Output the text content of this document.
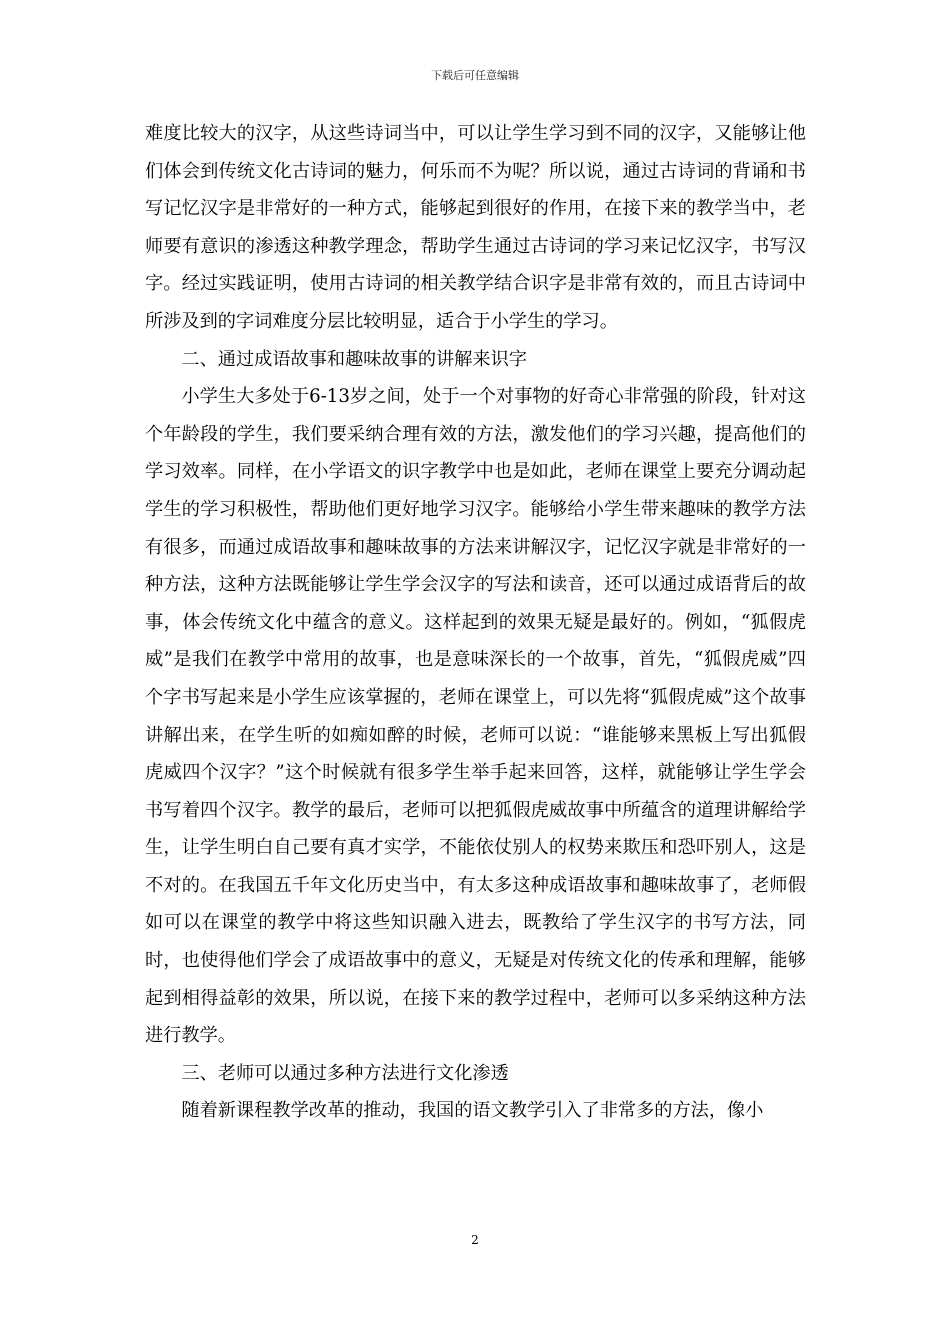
下载后可任意编辑

难度比较大的汉字，从这些诗词当中，可以让学生学习到不同的汉字，又能够让他们体会到传统文化古诗词的魅力，何乐而不为呢？所以说，通过古诗词的背诵和书写记忆汉字是非常好的一种方式，能够起到很好的作用，在接下来的教学当中，老师要有意识的渗透这种教学理念，帮助学生通过古诗词的学习来记忆汉字，书写汉字。经过实践证明，使用古诗词的相关教学结合识字是非常有效的，而且古诗词中所涉及到的字词难度分层比较明显，适合于小学生的学习。

二、通过成语故事和趣味故事的讲解来识字

小学生大多处于6-13岁之间，处于一个对事物的好奇心非常强的阶段，针对这个年龄段的学生，我们要采纳合理有效的方法，激发他们的学习兴趣，提高他们的学习效率。同样，在小学语文的识字教学中也是如此，老师在课堂上要充分调动起学生的学习积极性，帮助他们更好地学习汉字。能够给小学生带来趣味的教学方法有很多，而通过成语故事和趣味故事的方法来讲解汉字，记忆汉字就是非常好的一种方法，这种方法既能够让学生学会汉字的写法和读音，还可以通过成语背后的故事，体会传统文化中蕴含的意义。这样起到的效果无疑是最好的。例如，“狐假虎威”是我们在教学中常用的故事，也是意味深长的一个故事，首先，“狐假虎威”四个字书写起来是小学生应该掌握的，老师在课堂上，可以先将“狐假虎威”这个故事讲解出来，在学生听的如痴如醉的时候，老师可以说：“谁能够来黑板上写出狐假虎威四个汉字？”这个时候就有很多学生举手起来回答，这样，就能够让学生学会书写着四个汉字。教学的最后，老师可以把狐假虎威故事中所蕴含的道理讲解给学生，让学生明白自己要有真才实学，不能依仗别人的权势来欺压和恐吓别人，这是不对的。在我国五千年文化历史当中，有太多这种成语故事和趣味故事了，老师假如可以在课堂的教学中将这些知识融入进去，既教给了学生汉字的书写方法，同时，也使得他们学会了成语故事中的意义，无疑是对传统文化的传承和理解，能够起到相得益彰的效果，所以说，在接下来的教学过程中，老师可以多采纳这种方法进行教学。

三、老师可以通过多种方法进行文化渗透

随着新课程教学改革的推动，我国的语文教学引入了非常多的方法，像小

2
